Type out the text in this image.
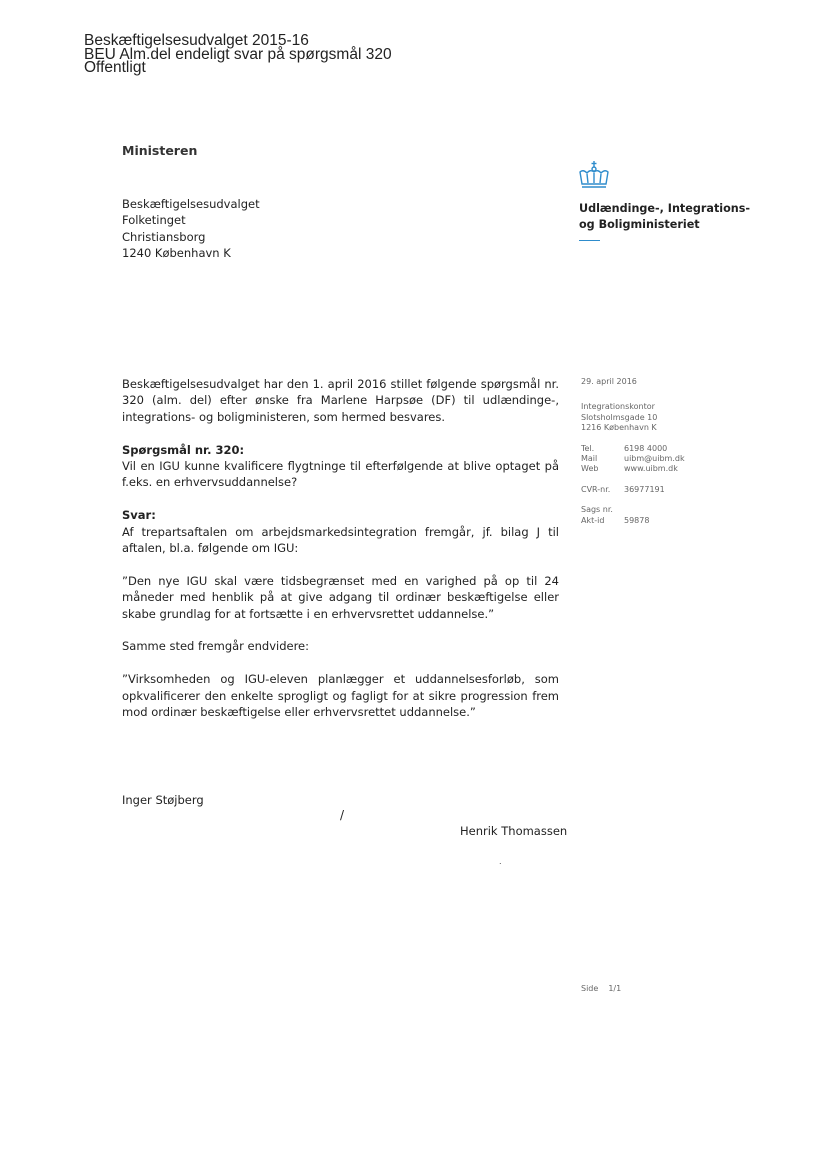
Beskæftigelsesudvalget 2015-16
BEU Alm.del endeligt svar på spørgsmål 320
Offentligt
Ministeren
Beskæftigelsesudvalget
Folketinget
Christiansborg
1240 København K
Udlændinge-, Integrations-
og Boligministeriet
29. april 2016
Integrationskontor
Slotsholmsgade 10
1216 København K
Tel.	6198 4000
Mail	uibm@uibm.dk
Web	www.uibm.dk
CVR-nr.	36977191
Sags nr.
Akt-id	59878

Beskæftigelsesudvalget har den 1. april 2016 stillet følgende spørgsmål nr. 320 (alm. del) efter ønske fra Marlene Harpsøe (DF) til udlændinge-, integrations- og boligministeren, som hermed besvares.

Spørgsmål nr. 320:
Vil en IGU kunne kvalificere flygtninge til efterfølgende at blive optaget på f.eks. en erhvervsuddannelse?

Svar:
Af trepartsaftalen om arbejdsmarkedsintegration fremgår, jf. bilag J til aftalen, bl.a. følgende om IGU:

”Den nye IGU skal være tidsbegrænset med en varighed på op til 24 måneder med henblik på at give adgang til ordinær beskæftigelse eller skabe grundlag for at fortsætte i en erhvervsrettet uddannelse.”

Samme sted fremgår endvidere:

”Virksomheden og IGU-eleven planlægger et uddannelsesforløb, som opkvalificerer den enkelte sprogligt og fagligt for at sikre progression frem mod ordinær beskæftigelse eller erhvervsrettet uddannelse.”

Inger Støjberg
/
Henrik Thomassen
.
Side 1/1
